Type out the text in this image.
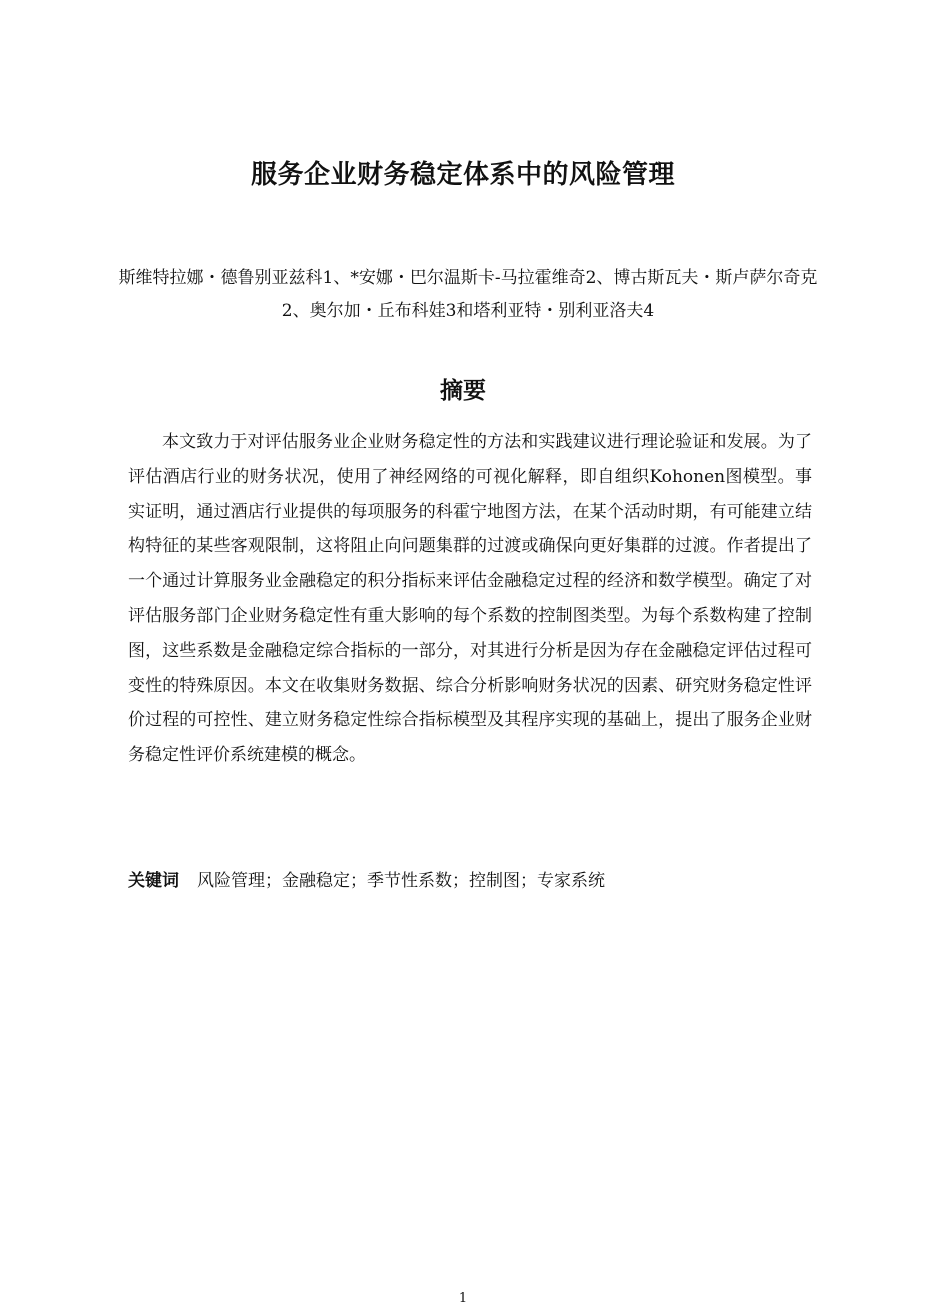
服务企业财务稳定体系中的风险管理
斯维特拉娜・德鲁别亚兹科1、*安娜・巴尔温斯卡-马拉霍维奇2、博古斯瓦夫・斯卢萨尔奇克2、奥尔加・丘布科娃3和塔利亚特・别利亚洛夫4
摘要

本文致力于对评估服务业企业财务稳定性的方法和实践建议进行理论验证和发展。为了评估酒店行业的财务状况，使用了神经网络的可视化解释，即自组织Kohonen图模型。事实证明，通过酒店行业提供的每项服务的科霍宁地图方法，在某个活动时期，有可能建立结构特征的某些客观限制，这将阻止向问题集群的过渡或确保向更好集群的过渡。作者提出了一个通过计算服务业金融稳定的积分指标来评估金融稳定过程的经济和数学模型。确定了对评估服务部门企业财务稳定性有重大影响的每个系数的控制图类型。为每个系数构建了控制图，这些系数是金融稳定综合指标的一部分，对其进行分析是因为存在金融稳定评估过程可变性的特殊原因。本文在收集财务数据、综合分析影响财务状况的因素、研究财务稳定性评价过程的可控性、建立财务稳定性综合指标模型及其程序实现的基础上，提出了服务企业财务稳定性评价系统建模的概念。

关键词 风险管理；金融稳定；季节性系数；控制图；专家系统
1
